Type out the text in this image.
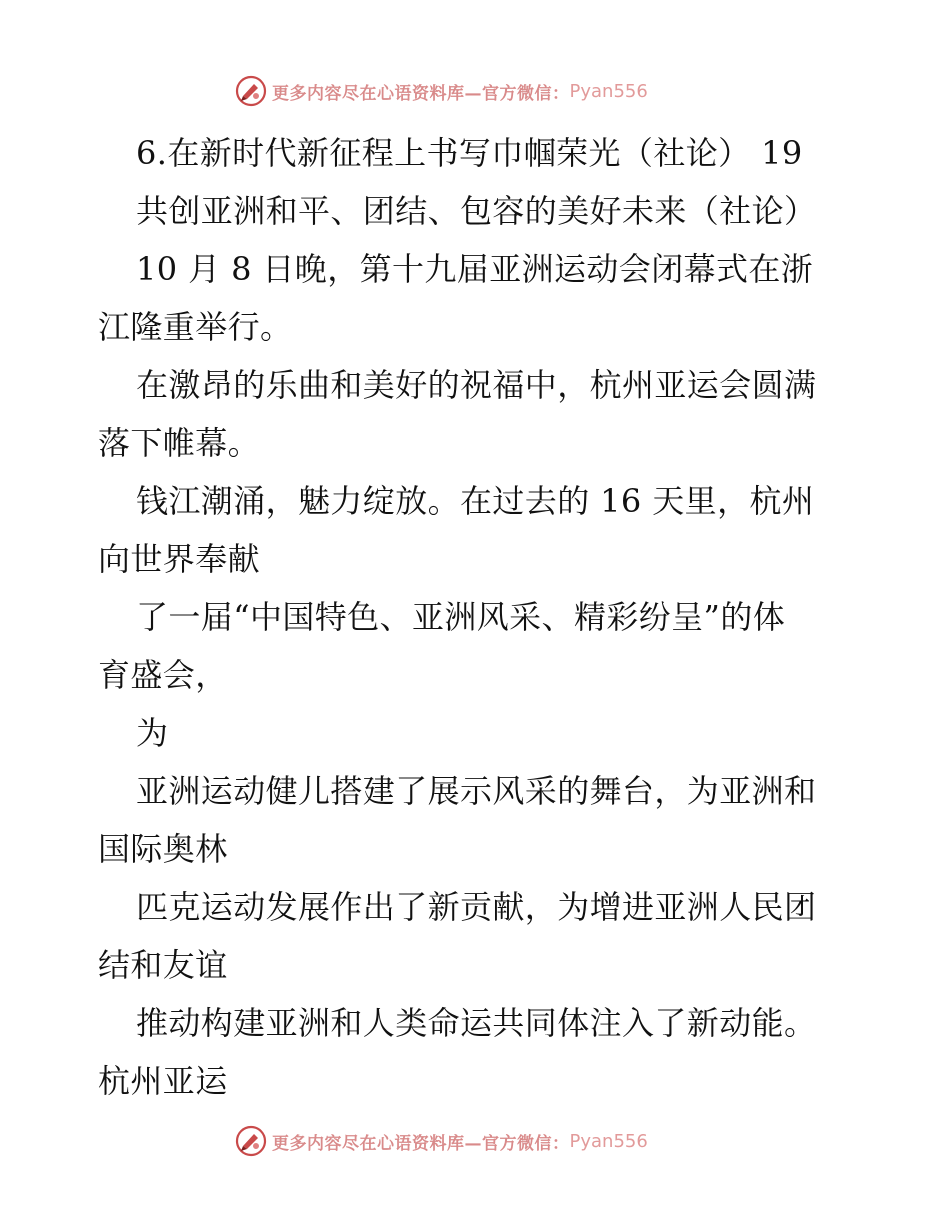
更多内容尽在心语资料库—官方微信： Pyan556
6.在新时代新征程上书写巾帼荣光（社论） 19
共创亚洲和平、团结、包容的美好未来（社论）
10 月 8 日晚，第十九届亚洲运动会闭幕式在浙
江隆重举行。
在激昂的乐曲和美好的祝福中，杭州亚运会圆满
落下帷幕。
钱江潮涌，魅力绽放。在过去的 16 天里，杭州
向世界奉献
了一届“中国特色、亚洲风采、精彩纷呈”的体
育盛会，
为
亚洲运动健儿搭建了展示风采的舞台，为亚洲和
国际奥林
匹克运动发展作出了新贡献，为增进亚洲人民团
结和友谊
推动构建亚洲和人类命运共同体注入了新动能。
杭州亚运
更多内容尽在心语资料库—官方微信： Pyan556
